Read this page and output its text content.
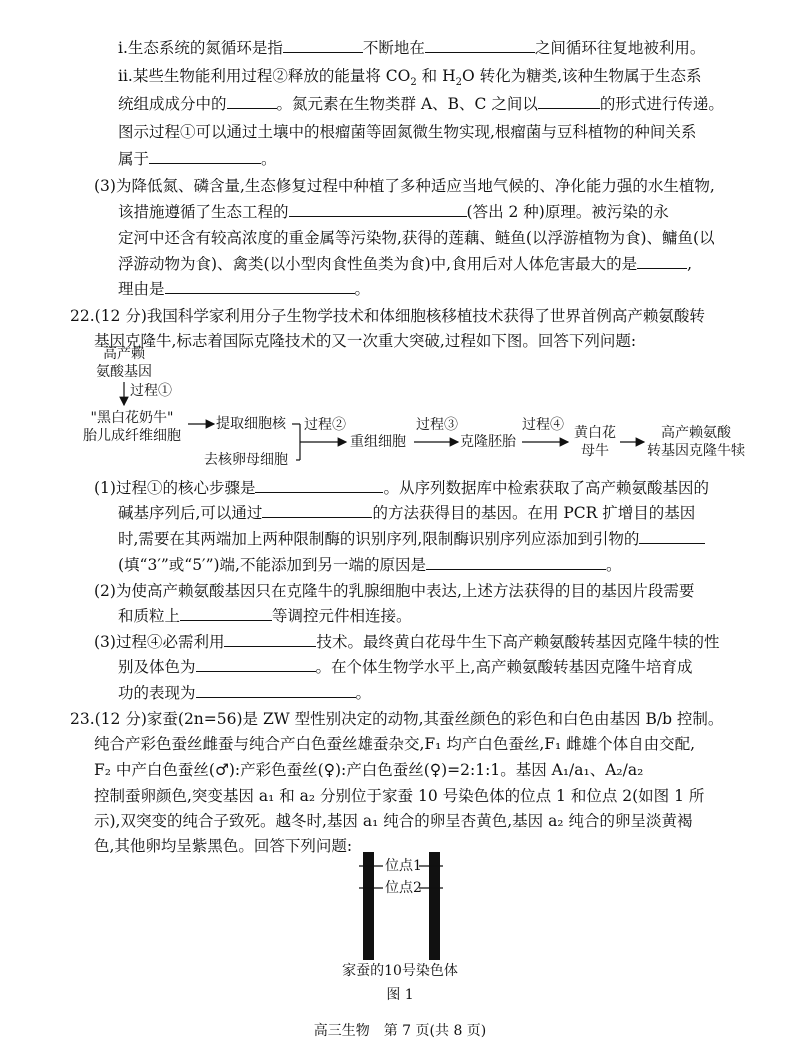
ⅰ.生态系统的氮循环是指	不断地在	之间循环往复地被利用。
ⅱ.某些生物能利用过程②释放的能量将 $CO_2$ 和 $H_2O$ 转化为糖类,该种生物属于生态系
统组成成分中的	。氮元素在生物类群 A、B、C 之间以	的形式进行传递。
图示过程①可以通过土壤中的根瘤菌等固氮微生物实现,根瘤菌与豆科植物的种间关系
属于	。
(3)为降低氮、磷含量,生态修复过程中种植了多种适应当地气候的、净化能力强的水生植物,
该措施遵循了生态工程的	(答出 2 种)原理。被污染的永
定河中还含有较高浓度的重金属等污染物,获得的莲藕、鲢鱼(以浮游植物为食)、鳙鱼(以
浮游动物为食)、禽类(以小型肉食性鱼类为食)中,食用后对人体危害最大的是	,
理由是	。
22.(12 分)我国科学家利用分子生物学技术和体细胞核移植技术获得了世界首例高产赖氨酸转
基因克隆牛,标志着国际克隆技术的又一次重大突破,过程如下图。回答下列问题:
高产赖
氨酸基因
过程①
"黑白花奶牛"
胎儿成纤维细胞
提取细胞核
去核卵母细胞
过程②
重组细胞
过程③
克隆胚胎
过程④ 黄白花
母牛
高产赖氨酸
转基因克隆牛犊
(1)过程①的核心步骤是	。从序列数据库中检索获取了高产赖氨酸基因的
碱基序列后,可以通过	的方法获得目的基因。在用 PCR 扩增目的基因
时,需要在其两端加上两种限制酶的识别序列,限制酶识别序列应添加到引物的
(填“3′”或“5′”)端,不能添加到另一端的原因是	。
(2)为使高产赖氨酸基因只在克隆牛的乳腺细胞中表达,上述方法获得的目的基因片段需要
和质粒上	等调控元件相连接。
(3)过程④必需利用	技术。最终黄白花母牛生下高产赖氨酸转基因克隆牛犊的性
别及体色为	。在个体生物学水平上,高产赖氨酸转基因克隆牛培育成
功的表现为	。
23.(12 分)家蚕(2n=56)是 ZW 型性别决定的动物,其蚕丝颜色的彩色和白色由基因 B/b 控制。
纯合产彩色蚕丝雌蚕与纯合产白色蚕丝雄蚕杂交,F₁ 均产白色蚕丝,F₁ 雌雄个体自由交配,
F₂ 中产白色蚕丝(♂):产彩色蚕丝(♀):产白色蚕丝(♀)=2:1:1。基因 A₁/a₁、A₂/a₂
控制蚕卵颜色,突变基因 a₁ 和 a₂ 分别位于家蚕 10 号染色体的位点 1 和位点 2(如图 1 所
示),双突变的纯合子致死。越冬时,基因 a₁ 纯合的卵呈杏黄色,基因 a₂ 纯合的卵呈淡黄褐
色,其他卵均呈紫黑色。回答下列问题:
位点1
位点2
家蚕的10号染色体
图 1
高三生物　第 7 页(共 8 页)
